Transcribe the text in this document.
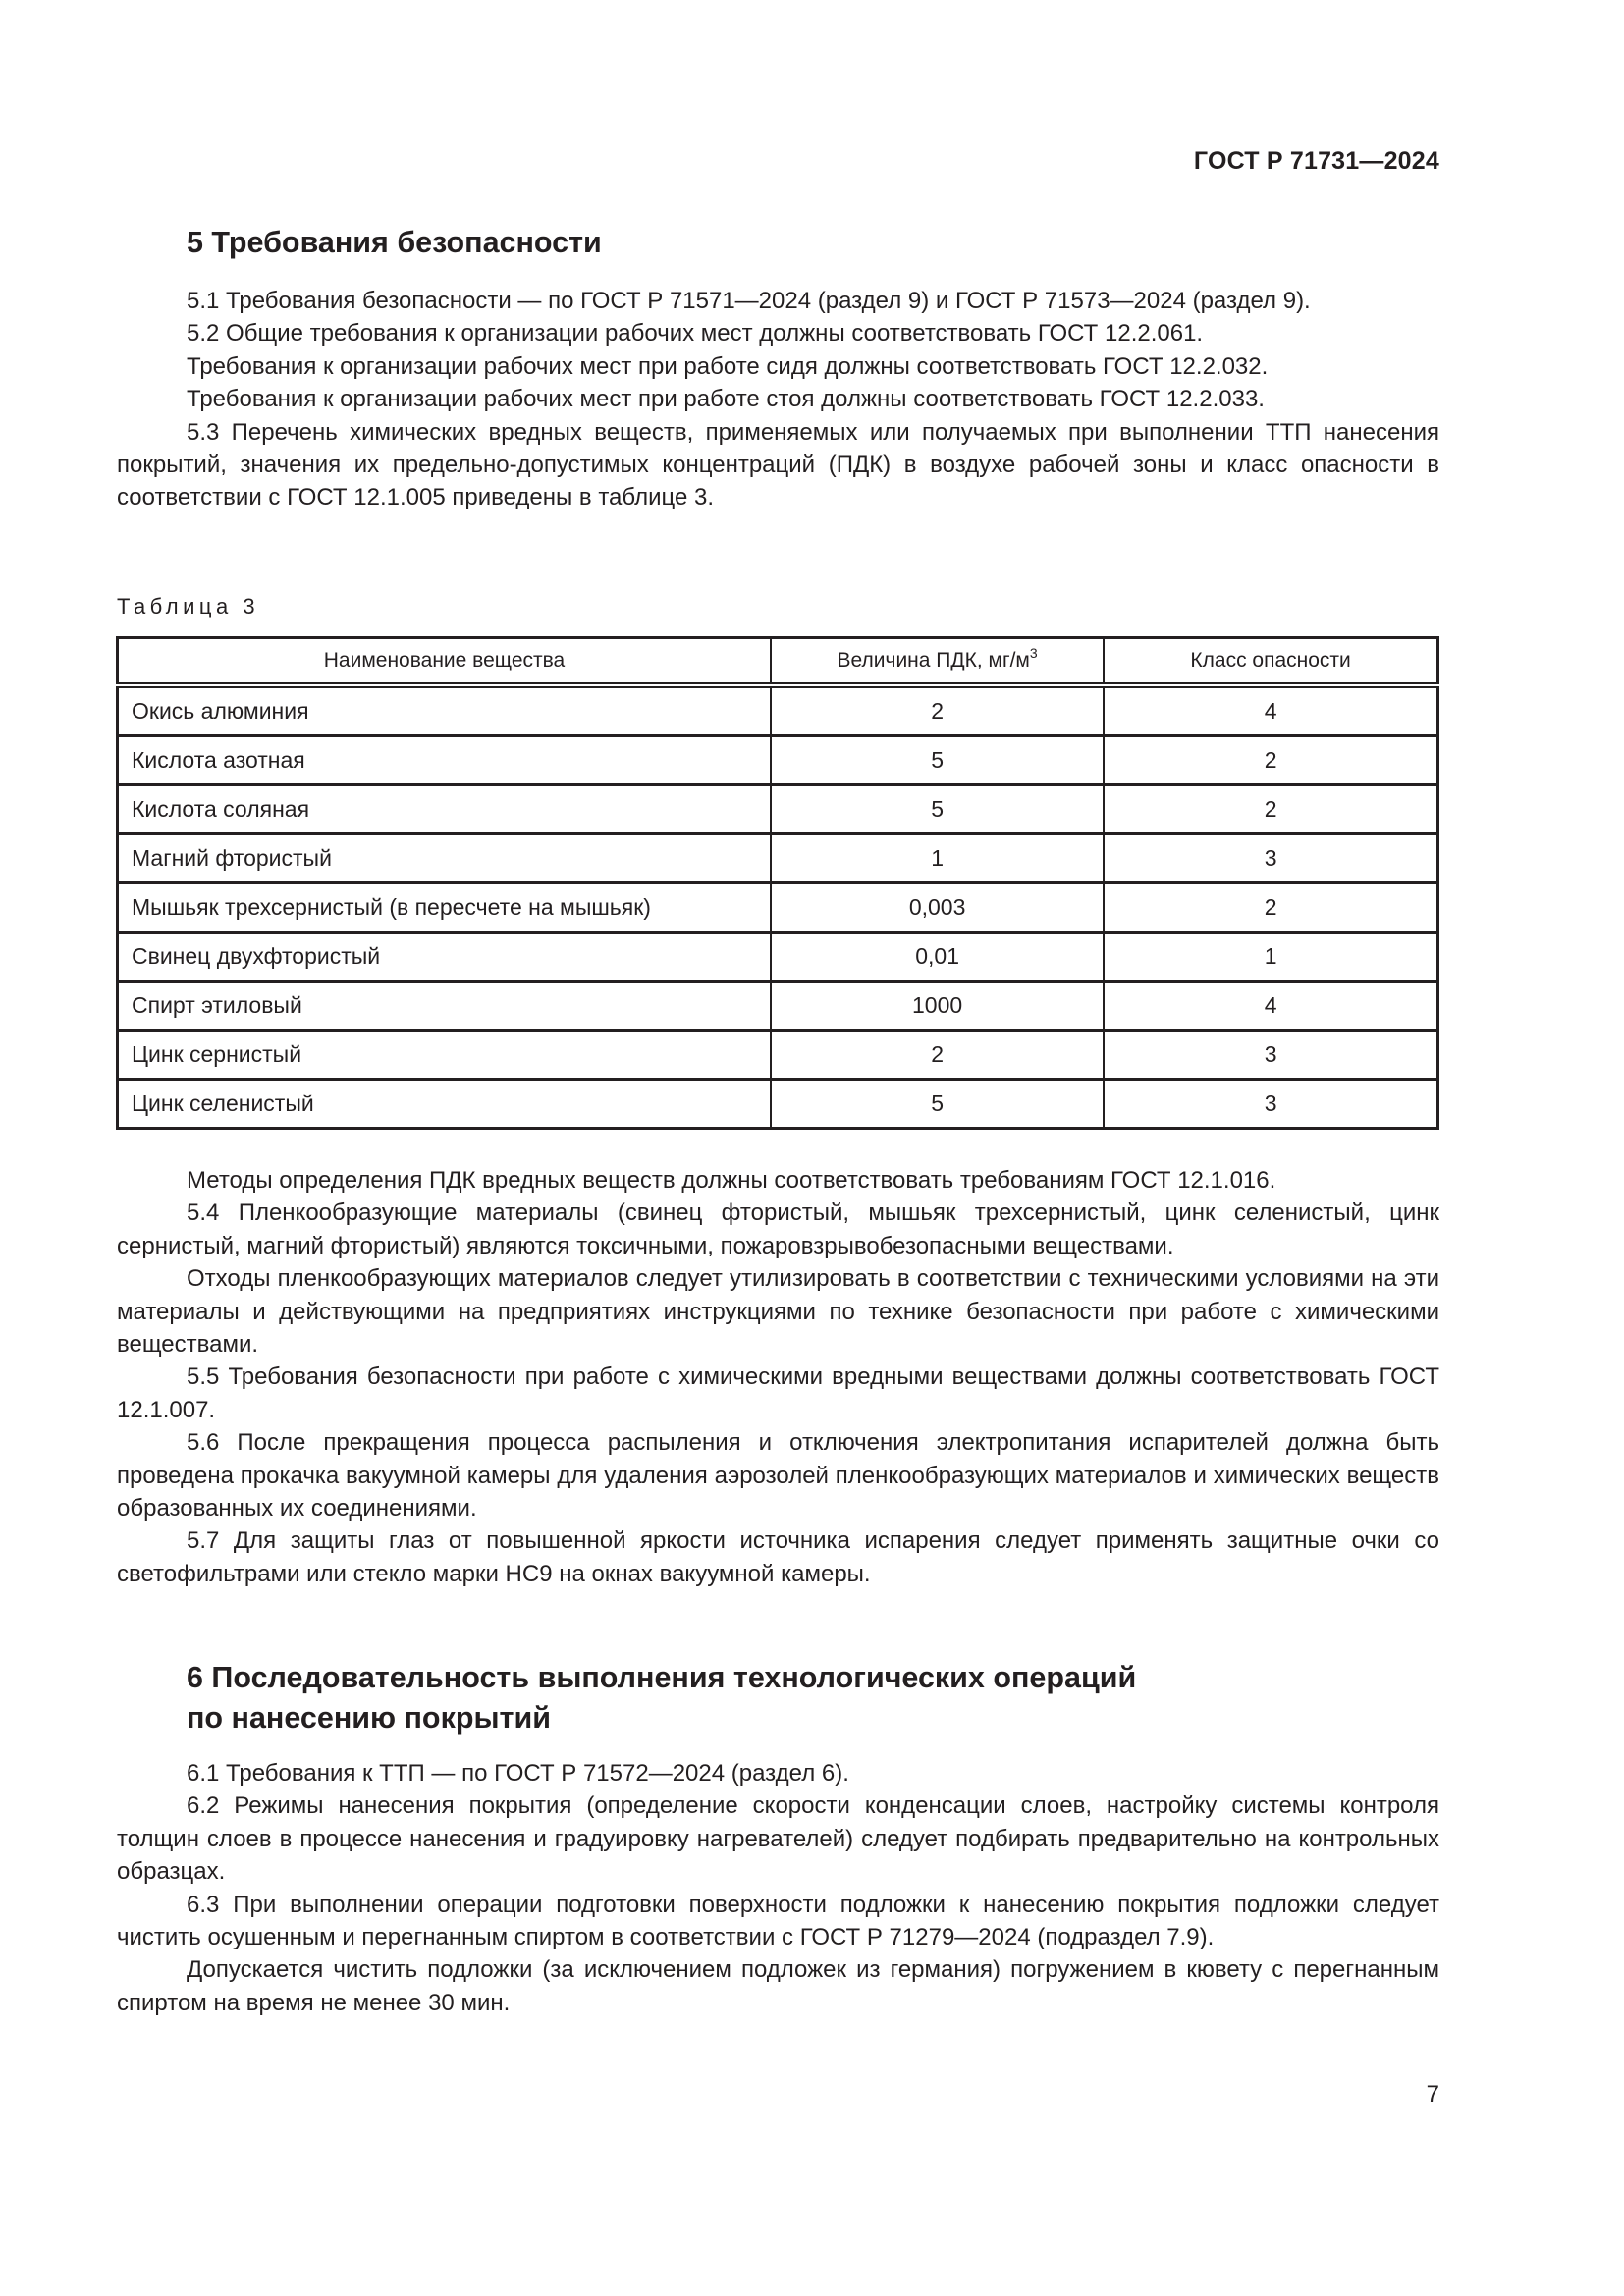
ГОСТ Р 71731—2024
5 Требования безопасности

5.1 Требования безопасности — по ГОСТ Р 71571—2024 (раздел 9) и ГОСТ Р 71573—2024 (раздел 9).

5.2 Общие требования к организации рабочих мест должны соответствовать ГОСТ 12.2.061.

Требования к организации рабочих мест при работе сидя должны соответствовать ГОСТ 12.2.032.

Требования к организации рабочих мест при работе стоя должны соответствовать ГОСТ 12.2.033.

5.3 Перечень химических вредных веществ, применяемых или получаемых при выполнении ТТП нанесения покрытий, значения их предельно-допустимых концентраций (ПДК) в воздухе рабочей зоны и класс опасности в соответствии с ГОСТ 12.1.005 приведены в таблице 3.

Таблица 3
Наименование вещества	Величина ПДК, $мг/м^3$	Класс опасности
Окись алюминия	2	4
Кислота азотная	5	2
Кислота соляная	5	2
Магний фтористый	1	3
Мышьяк трехсернистый (в пересчете на мышьяк)	0,003	2
Свинец двухфтористый	0,01	1
Спирт этиловый	1000	4
Цинк сернистый	2	3
Цинк селенистый	5	3

Методы определения ПДК вредных веществ должны соответствовать требованиям ГОСТ 12.1.016.

5.4 Пленкообразующие материалы (свинец фтористый, мышьяк трехсернистый, цинк селенистый, цинк сернистый, магний фтористый) являются токсичными, пожаровзрывобезопасными веществами.

Отходы пленкообразующих материалов следует утилизировать в соответствии с техническими условиями на эти материалы и действующими на предприятиях инструкциями по технике безопасности при работе с химическими веществами.

5.5 Требования безопасности при работе с химическими вредными веществами должны соответствовать ГОСТ 12.1.007.

5.6 После прекращения процесса распыления и отключения электропитания испарителей должна быть проведена прокачка вакуумной камеры для удаления аэрозолей пленкообразующих материалов и химических веществ образованных их соединениями.

5.7 Для защиты глаз от повышенной яркости источника испарения следует применять защитные очки со светофильтрами или стекло марки НС9 на окнах вакуумной камеры.

6 Последовательность выполнения технологических операций
по нанесению покрытий

6.1 Требования к ТТП — по ГОСТ Р 71572—2024 (раздел 6).

6.2 Режимы нанесения покрытия (определение скорости конденсации слоев, настройку системы контроля толщин слоев в процессе нанесения и градуировку нагревателей) следует подбирать предварительно на контрольных образцах.

6.3 При выполнении операции подготовки поверхности подложки к нанесению покрытия подложки следует чистить осушенным и перегнанным спиртом в соответствии с ГОСТ Р 71279—2024 (подраздел 7.9).

Допускается чистить подложки (за исключением подложек из германия) погружением в кювету с перегнанным спиртом на время не менее 30 мин.

7
